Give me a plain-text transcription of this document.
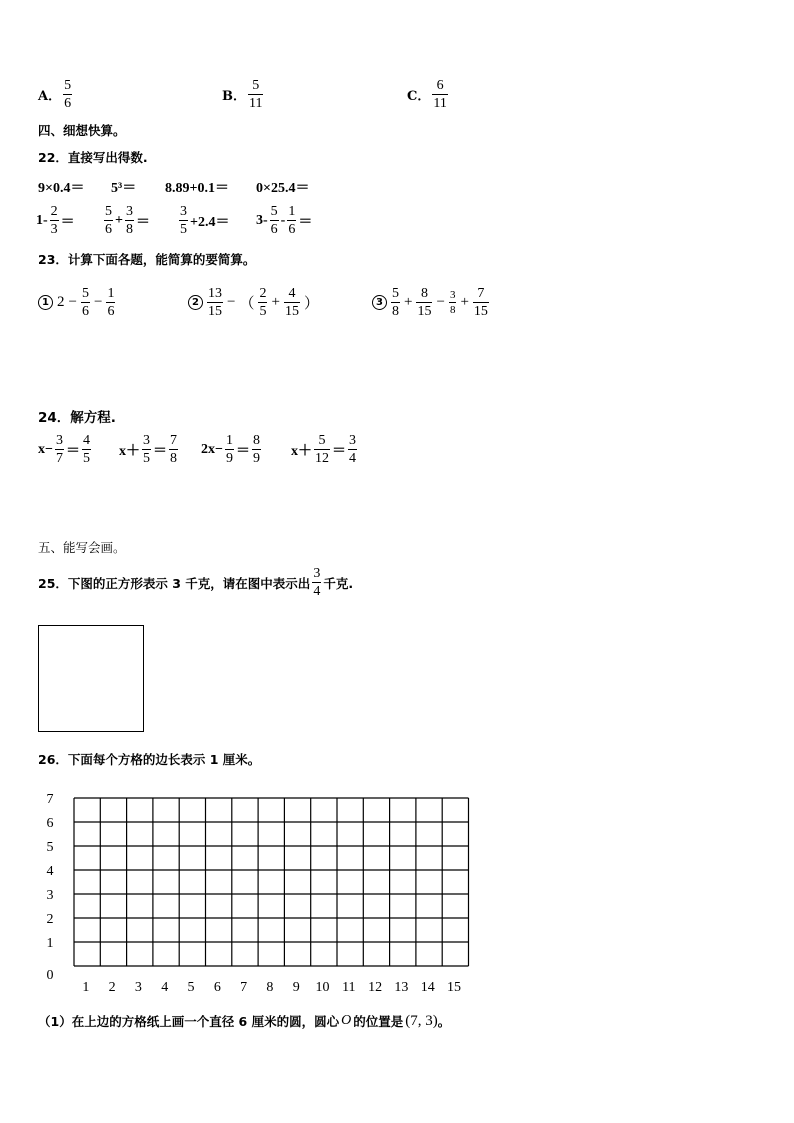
A． $\frac{5}{6}$	B． $\frac{5}{11}$	C． $\frac{6}{11}$
四、细想快算。
22．直接写出得数.
9×0.4＝ 5³＝ 8.89+0.1＝ 0×25.4＝
$1- \frac{2}{3} = \frac{5}{6} + \frac{3}{8} = \frac{3}{5} +2.4= 3- \frac{5}{6} - \frac{1}{6}$ ＝
23．计算下面各题，能简算的要简算。
1 $2 - \frac{5}{6} - \frac{1}{6}$	$2 \frac{13}{15}$ − （ $\frac{2}{5} + \frac{4}{15}$ ）	$3 \frac{5}{8} + \frac{8}{15} - \frac{3}{8} + \frac{7}{15}$
24．解方程.
$x- \frac{3}{7} = \frac{4}{5} x+ \frac{3}{5} = \frac{7}{8} 2x- \frac{1}{9} = \frac{8}{9} x+ \frac{5}{12} = \frac{3}{4}$
五、能写会画。
25．下图的正方形表示 3 千克，请在图中表示出 $\frac{3}{4}$ 千克.
26．下面每个方格的边长表示 1 厘米。
7
6
5
4
3
2
1
0
1 2 3 4 5 6 7 8 9 10 11 12 13 14 15
（1）在上边的方格纸上画一个直径 6 厘米的圆，圆心 O 的位置是 (7, 3) 。
